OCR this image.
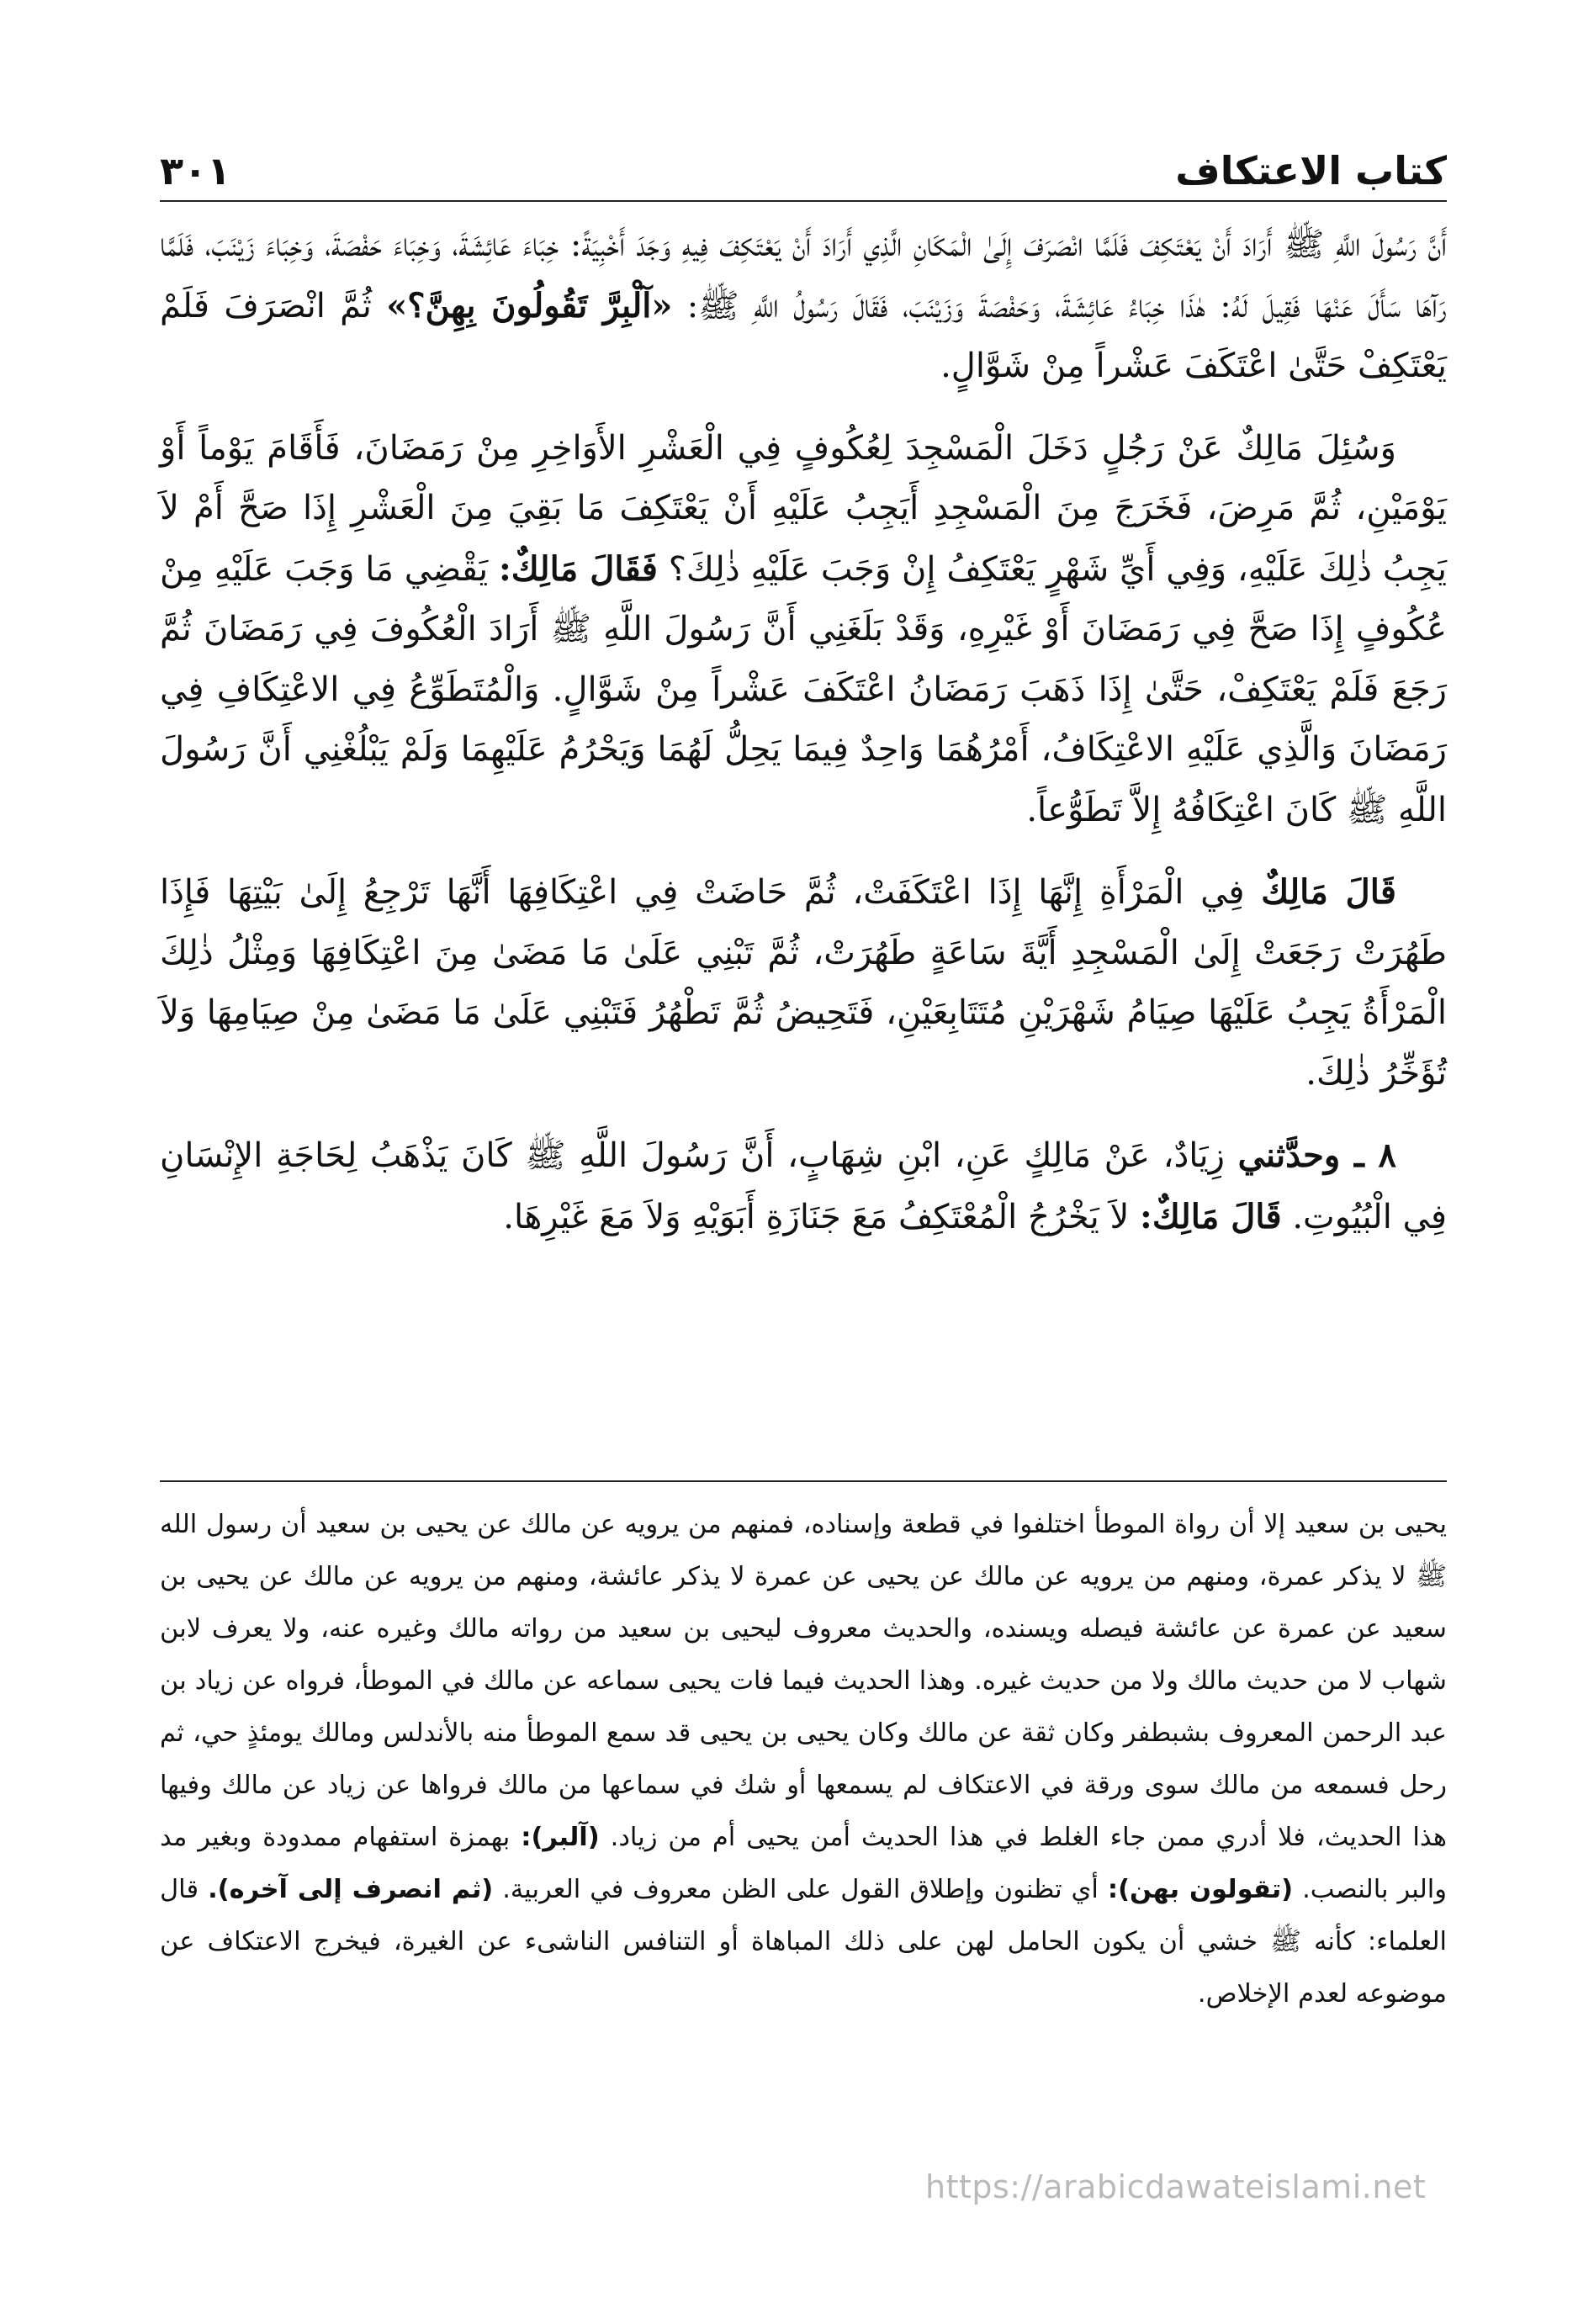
كتاب الاعتكاف
٣٠١

أَنَّ رَسُولَ اللَّهِ ﷺ أَرَادَ أَنْ يَعْتَكِفَ فَلَمَّا انْصَرَفَ إِلَىٰ الْمَكَانِ الَّذِي أَرَادَ أَنْ يَعْتَكِفَ فِيهِ وَجَدَ أَخْبِيَةً: خِبَاءَ عَائِشَةَ، وَخِبَاءَ حَفْصَةَ، وَخِبَاءَ زَيْنَبَ، فَلَمَّا رَآهَا سَأَلَ عَنْهَا فَقِيلَ لَهُ: هٰذَا خِبَاءُ عَائِشَةَ، وَحَفْصَةَ وَزَيْنَبَ، فَقَالَ رَسُولُ اللَّهِ ﷺ: «آلْبِرَّ تَقُولُونَ بِهِنَّ؟» ثُمَّ انْصَرَفَ فَلَمْ يَعْتَكِفْ حَتَّىٰ اعْتَكَفَ عَشْراً مِنْ شَوَّالٍ.

وَسُئِلَ مَالِكٌ عَنْ رَجُلٍ دَخَلَ الْمَسْجِدَ لِعُكُوفٍ فِي الْعَشْرِ الأَوَاخِرِ مِنْ رَمَضَانَ، فَأَقَامَ يَوْماً أَوْ يَوْمَيْنِ، ثُمَّ مَرِضَ، فَخَرَجَ مِنَ الْمَسْجِدِ أَيَجِبُ عَلَيْهِ أَنْ يَعْتَكِفَ مَا بَقِيَ مِنَ الْعَشْرِ إِذَا صَحَّ أَمْ لاَ يَجِبُ ذٰلِكَ عَلَيْهِ، وَفِي أَيِّ شَهْرٍ يَعْتَكِفُ إِنْ وَجَبَ عَلَيْهِ ذٰلِكَ؟ فَقَالَ مَالِكٌ: يَقْضِي مَا وَجَبَ عَلَيْهِ مِنْ عُكُوفٍ إِذَا صَحَّ فِي رَمَضَانَ أَوْ غَيْرِهِ، وَقَدْ بَلَغَنِي أَنَّ رَسُولَ اللَّهِ ﷺ أَرَادَ الْعُكُوفَ فِي رَمَضَانَ ثُمَّ رَجَعَ فَلَمْ يَعْتَكِفْ، حَتَّىٰ إِذَا ذَهَبَ رَمَضَانُ اعْتَكَفَ عَشْراً مِنْ شَوَّالٍ. وَالْمُتَطَوِّعُ فِي الاعْتِكَافِ فِي رَمَضَانَ وَالَّذِي عَلَيْهِ الاعْتِكَافُ، أَمْرُهُمَا وَاحِدٌ فِيمَا يَحِلُّ لَهُمَا وَيَحْرُمُ عَلَيْهِمَا وَلَمْ يَبْلُغْنِي أَنَّ رَسُولَ اللَّهِ ﷺ كَانَ اعْتِكَافُهُ إِلاَّ تَطَوُّعاً.

قَالَ مَالِكٌ فِي الْمَرْأَةِ إِنَّهَا إِذَا اعْتَكَفَتْ، ثُمَّ حَاضَتْ فِي اعْتِكَافِهَا أَنَّهَا تَرْجِعُ إِلَىٰ بَيْتِهَا فَإِذَا طَهُرَتْ رَجَعَتْ إِلَىٰ الْمَسْجِدِ أَيَّةَ سَاعَةٍ طَهُرَتْ، ثُمَّ تَبْنِي عَلَىٰ مَا مَضَىٰ مِنَ اعْتِكَافِهَا وَمِثْلُ ذٰلِكَ الْمَرْأَةُ يَجِبُ عَلَيْهَا صِيَامُ شَهْرَيْنِ مُتَتَابِعَيْنِ، فَتَحِيضُ ثُمَّ تَطْهُرُ فَتَبْنِي عَلَىٰ مَا مَضَىٰ مِنْ صِيَامِهَا وَلاَ تُؤَخِّرُ ذٰلِكَ.

٨ ـ وحدَّثني زِيَادٌ، عَنْ مَالِكٍ عَنِ، ابْنِ شِهَابٍ، أَنَّ رَسُولَ اللَّهِ ﷺ كَانَ يَذْهَبُ لِحَاجَةِ الإِنْسَانِ فِي الْبُيُوتِ. قَالَ مَالِكٌ: لاَ يَخْرُجُ الْمُعْتَكِفُ مَعَ جَنَازَةِ أَبَوَيْهِ وَلاَ مَعَ غَيْرِهَا.

يحيى بن سعيد إلا أن رواة الموطأ اختلفوا في قطعة وإسناده، فمنهم من يرويه عن مالك عن يحيى بن سعيد أن رسول الله ﷺ لا يذكر عمرة، ومنهم من يرويه عن مالك عن يحيى عن عمرة لا يذكر عائشة، ومنهم من يرويه عن مالك عن يحيى بن سعيد عن عمرة عن عائشة فيصله ويسنده، والحديث معروف ليحيى بن سعيد من رواته مالك وغيره عنه، ولا يعرف لابن شهاب لا من حديث مالك ولا من حديث غيره. وهذا الحديث فيما فات يحيى سماعه عن مالك في الموطأ، فرواه عن زياد بن عبد الرحمن المعروف بشبطفر وكان ثقة عن مالك وكان يحيى بن يحيى قد سمع الموطأ منه بالأندلس ومالك يومئذٍ حي، ثم رحل فسمعه من مالك سوى ورقة في الاعتكاف لم يسمعها أو شك في سماعها من مالك فرواها عن زياد عن مالك وفيها هذا الحديث، فلا أدري ممن جاء الغلط في هذا الحديث أمن يحيى أم من زياد. (آلبر): بهمزة استفهام ممدودة وبغير مد والبر بالنصب. (تقولون بهن): أي تظنون وإطلاق القول على الظن معروف في العربية. (ثم انصرف إلى آخره). قال العلماء: كأنه ﷺ خشي أن يكون الحامل لهن على ذلك المباهاة أو التنافس الناشىء عن الغيرة، فيخرج الاعتكاف عن موضوعه لعدم الإخلاص.

https://arabicdawateislami.net
